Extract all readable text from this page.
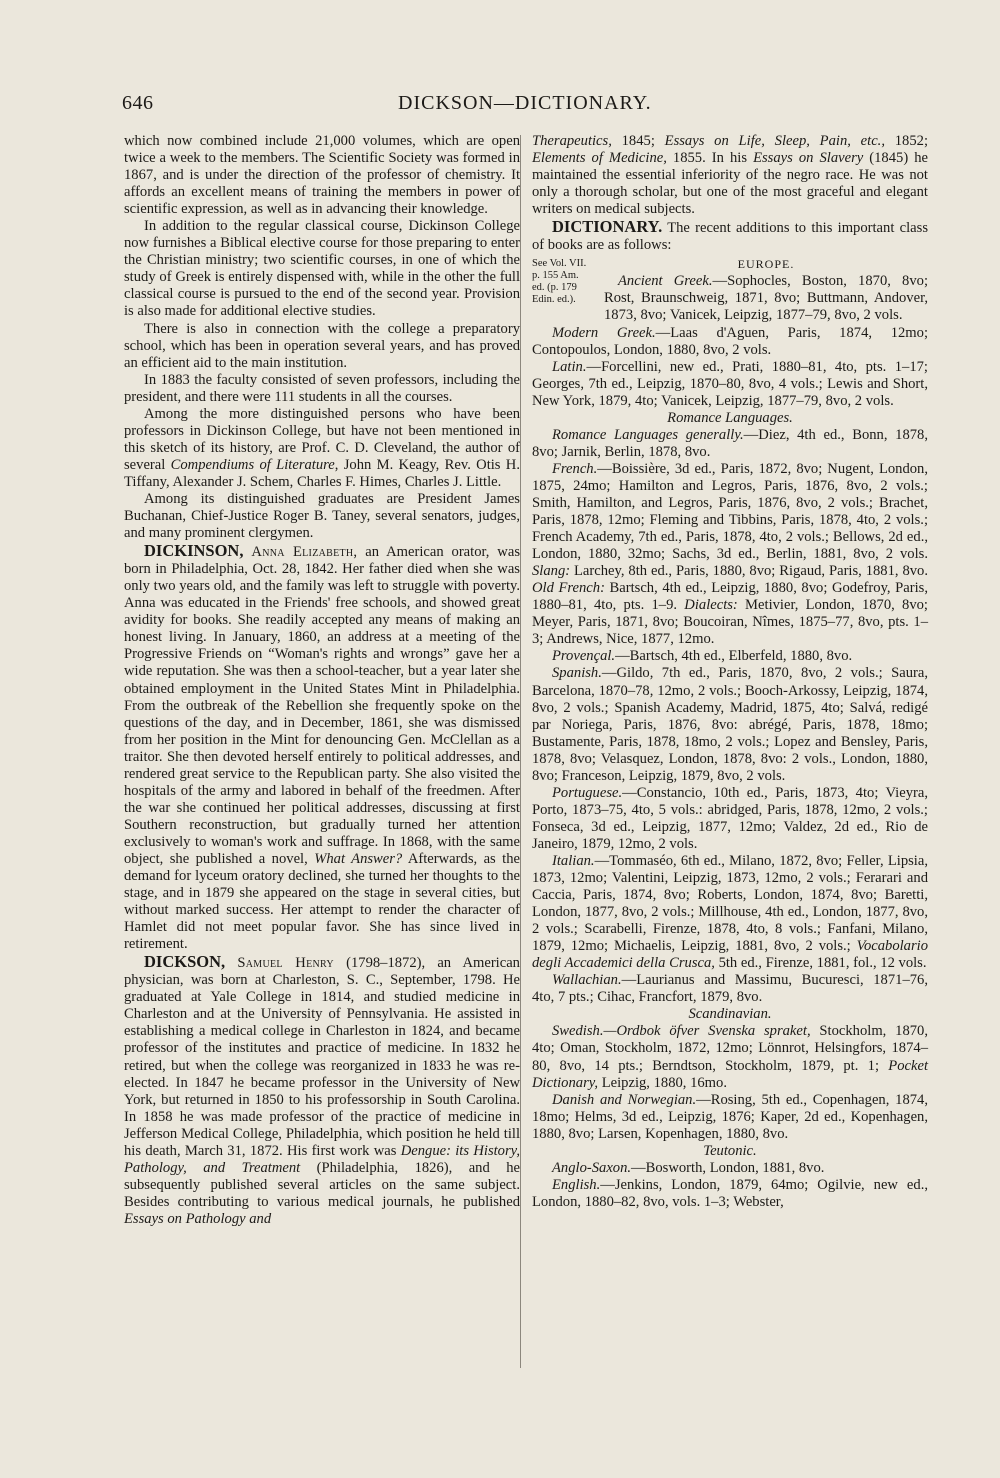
646	DICKSON—DICTIONARY.

which now combined include 21,000 volumes, which are open twice a week to the members. The Scientific Society was formed in 1867, and is under the direction of the professor of chemistry. It affords an excellent means of training the members in power of scientific expression, as well as in advancing their knowledge.

In addition to the regular classical course, Dickinson College now furnishes a Biblical elective course for those preparing to enter the Christian ministry; two scientific courses, in one of which the study of Greek is entirely dispensed with, while in the other the full classical course is pursued to the end of the second year. Provision is also made for additional elective studies.

There is also in connection with the college a preparatory school, which has been in operation several years, and has proved an efficient aid to the main institution.

In 1883 the faculty consisted of seven professors, including the president, and there were 111 students in all the courses.

Among the more distinguished persons who have been professors in Dickinson College, but have not been mentioned in this sketch of its history, are Prof. C. D. Cleveland, the author of several Compendiums of Literature, John M. Keagy, Rev. Otis H. Tiffany, Alexander J. Schem, Charles F. Himes, Charles J. Little.

Among its distinguished graduates are President James Buchanan, Chief-Justice Roger B. Taney, several senators, judges, and many prominent clergymen.

DICKINSON, Anna Elizabeth, an American orator, was born in Philadelphia, Oct. 28, 1842. Her father died when she was only two years old, and the family was left to struggle with poverty. Anna was educated in the Friends' free schools, and showed great avidity for books. She readily accepted any means of making an honest living. In January, 1860, an address at a meeting of the Progressive Friends on “Woman's rights and wrongs” gave her a wide reputation. She was then a school-teacher, but a year later she obtained employment in the United States Mint in Philadelphia. From the outbreak of the Rebellion she frequently spoke on the questions of the day, and in December, 1861, she was dismissed from her position in the Mint for denouncing Gen. McClellan as a traitor. She then devoted herself entirely to political addresses, and rendered great service to the Republican party. She also visited the hospitals of the army and labored in behalf of the freedmen. After the war she continued her political addresses, discussing at first Southern reconstruction, but gradually turned her attention exclusively to woman's work and suffrage. In 1868, with the same object, she published a novel, What Answer? Afterwards, as the demand for lyceum oratory declined, she turned her thoughts to the stage, and in 1879 she appeared on the stage in several cities, but without marked success. Her attempt to render the character of Hamlet did not meet popular favor. She has since lived in retirement.

DICKSON, Samuel Henry (1798–1872), an American physician, was born at Charleston, S. C., September, 1798. He graduated at Yale College in 1814, and studied medicine in Charleston and at the University of Pennsylvania. He assisted in establishing a medical college in Charleston in 1824, and became professor of the institutes and practice of medicine. In 1832 he retired, but when the college was reorganized in 1833 he was re-elected. In 1847 he became professor in the University of New York, but returned in 1850 to his professorship in South Carolina. In 1858 he was made professor of the practice of medicine in Jefferson Medical College, Philadelphia, which position he held till his death, March 31, 1872. His first work was Dengue: its History, Pathology, and Treatment (Philadelphia, 1826), and he subsequently published several articles on the same subject. Besides contributing to various medical journals, he published Essays on Pathology and

Therapeutics, 1845; Essays on Life, Sleep, Pain, etc., 1852; Elements of Medicine, 1855. In his Essays on Slavery (1845) he maintained the essential inferiority of the negro race. He was not only a thorough scholar, but one of the most graceful and elegant writers on medical subjects.

DICTIONARY. The recent additions to this important class of books are as follows:

See Vol. VII. p. 155 Am. ed. (p. 179 Edin. ed.).
EUROPE.

Ancient Greek.—Sophocles, Boston, 1870, 8vo; Rost, Braunschweig, 1871, 8vo; Buttmann, Andover, 1873, 8vo; Vanicek, Leipzig, 1877–79, 8vo, 2 vols.

Modern Greek.—Laas d'Aguen, Paris, 1874, 12mo; Contopoulos, London, 1880, 8vo, 2 vols.

Latin.—Forcellini, new ed., Prati, 1880–81, 4to, pts. 1–17; Georges, 7th ed., Leipzig, 1870–80, 8vo, 4 vols.; Lewis and Short, New York, 1879, 4to; Vanicek, Leipzig, 1877–79, 8vo, 2 vols.

Romance Languages.

Romance Languages generally.—Diez, 4th ed., Bonn, 1878, 8vo; Jarnik, Berlin, 1878, 8vo.

French.—Boissière, 3d ed., Paris, 1872, 8vo; Nugent, London, 1875, 24mo; Hamilton and Legros, Paris, 1876, 8vo, 2 vols.; Smith, Hamilton, and Legros, Paris, 1876, 8vo, 2 vols.; Brachet, Paris, 1878, 12mo; Fleming and Tibbins, Paris, 1878, 4to, 2 vols.; French Academy, 7th ed., Paris, 1878, 4to, 2 vols.; Bellows, 2d ed., London, 1880, 32mo; Sachs, 3d ed., Berlin, 1881, 8vo, 2 vols. Slang: Larchey, 8th ed., Paris, 1880, 8vo; Rigaud, Paris, 1881, 8vo. Old French: Bartsch, 4th ed., Leipzig, 1880, 8vo; Godefroy, Paris, 1880–81, 4to, pts. 1–9. Dialects: Metivier, London, 1870, 8vo; Meyer, Paris, 1871, 8vo; Boucoiran, Nîmes, 1875–77, 8vo, pts. 1–3; Andrews, Nice, 1877, 12mo.

Provençal.—Bartsch, 4th ed., Elberfeld, 1880, 8vo.

Spanish.—Gildo, 7th ed., Paris, 1870, 8vo, 2 vols.; Saura, Barcelona, 1870–78, 12mo, 2 vols.; Booch-Arkossy, Leipzig, 1874, 8vo, 2 vols.; Spanish Academy, Madrid, 1875, 4to; Salvá, redigé par Noriega, Paris, 1876, 8vo: abrégé, Paris, 1878, 18mo; Bustamente, Paris, 1878, 18mo, 2 vols.; Lopez and Bensley, Paris, 1878, 8vo; Velasquez, London, 1878, 8vo: 2 vols., London, 1880, 8vo; Franceson, Leipzig, 1879, 8vo, 2 vols.

Portuguese.—Constancio, 10th ed., Paris, 1873, 4to; Vieyra, Porto, 1873–75, 4to, 5 vols.: abridged, Paris, 1878, 12mo, 2 vols.; Fonseca, 3d ed., Leipzig, 1877, 12mo; Valdez, 2d ed., Rio de Janeiro, 1879, 12mo, 2 vols.

Italian.—Tommaséo, 6th ed., Milano, 1872, 8vo; Feller, Lipsia, 1873, 12mo; Valentini, Leipzig, 1873, 12mo, 2 vols.; Ferarari and Caccia, Paris, 1874, 8vo; Roberts, London, 1874, 8vo; Baretti, London, 1877, 8vo, 2 vols.; Millhouse, 4th ed., London, 1877, 8vo, 2 vols.; Scarabelli, Firenze, 1878, 4to, 8 vols.; Fanfani, Milano, 1879, 12mo; Michaelis, Leipzig, 1881, 8vo, 2 vols.; Vocabolario degli Accademici della Crusca, 5th ed., Firenze, 1881, fol., 12 vols.

Wallachian.—Laurianus and Massimu, Bucuresci, 1871–76, 4to, 7 pts.; Cihac, Francfort, 1879, 8vo.

Scandinavian.

Swedish.—Ordbok öfver Svenska spraket, Stockholm, 1870, 4to; Oman, Stockholm, 1872, 12mo; Lönnrot, Helsingfors, 1874–80, 8vo, 14 pts.; Berndtson, Stockholm, 1879, pt. 1; Pocket Dictionary, Leipzig, 1880, 16mo.

Danish and Norwegian.—Rosing, 5th ed., Copenhagen, 1874, 18mo; Helms, 3d ed., Leipzig, 1876; Kaper, 2d ed., Kopenhagen, 1880, 8vo; Larsen, Kopenhagen, 1880, 8vo.

Teutonic.

Anglo-Saxon.—Bosworth, London, 1881, 8vo.

English.—Jenkins, London, 1879, 64mo; Ogilvie, new ed., London, 1880–82, 8vo, vols. 1–3; Webster,
